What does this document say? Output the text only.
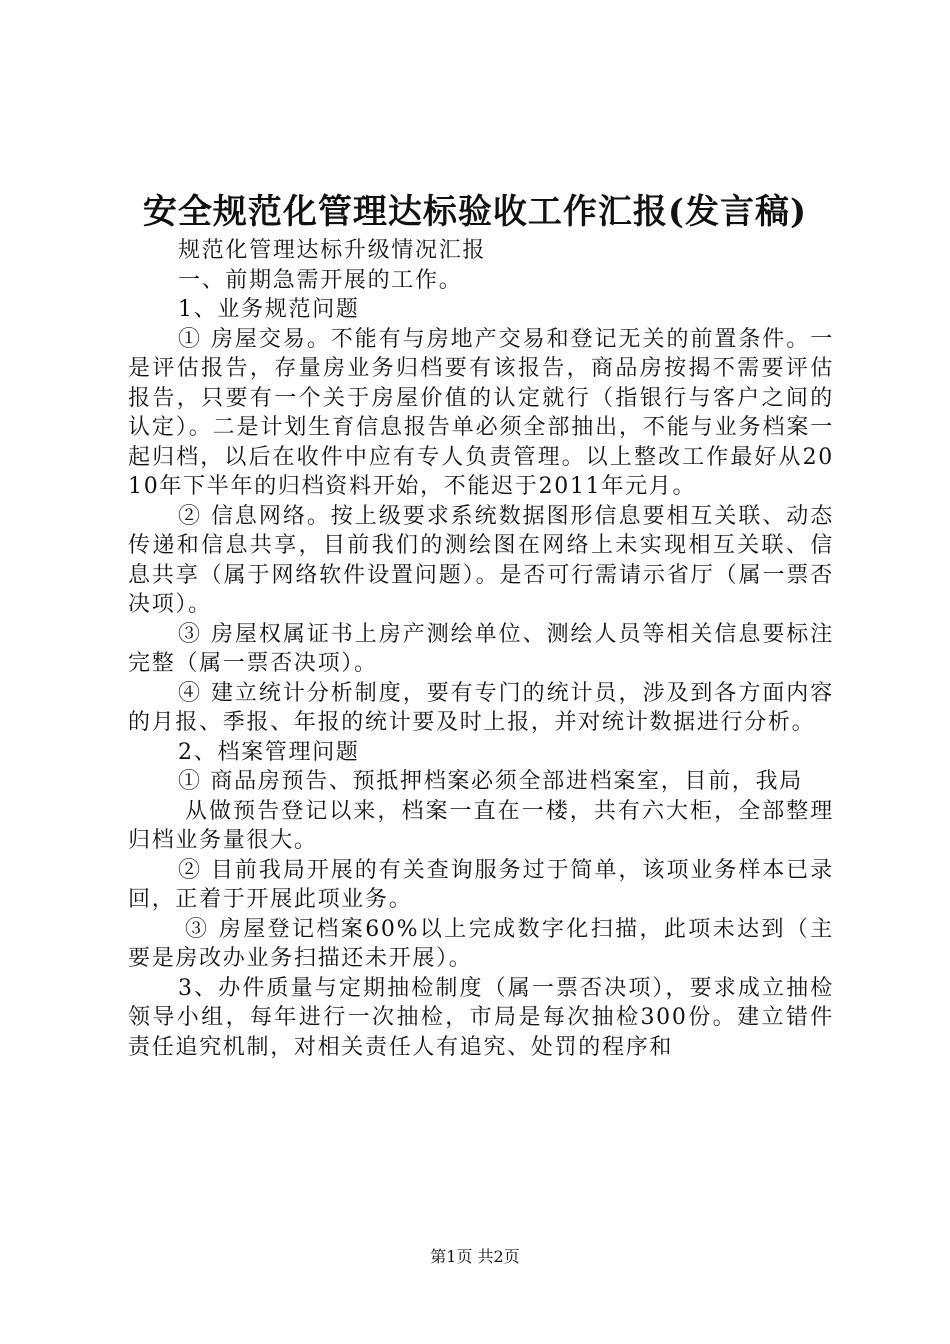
安全规范化管理达标验收工作汇报(发言稿)

规范化管理达标升级情况汇报

一、前期急需开展的工作。

1、业务规范问题

① 房屋交易。不能有与房地产交易和登记无关的前置条件。一是评估报告，存量房业务归档要有该报告，商品房按揭不需要评估报告，只要有一个关于房屋价值的认定就行（指银行与客户之间的认定）。二是计划生育信息报告单必须全部抽出，不能与业务档案一起归档，以后在收件中应有专人负责管理。以上整改工作最好从2010年下半年的归档资料开始，不能迟于2011年元月。

② 信息网络。按上级要求系统数据图形信息要相互关联、动态传递和信息共享，目前我们的测绘图在网络上未实现相互关联、信息共享（属于网络软件设置问题）。是否可行需请示省厅（属一票否决项）。

③ 房屋权属证书上房产测绘单位、测绘人员等相关信息要标注完整（属一票否决项）。

④ 建立统计分析制度，要有专门的统计员，涉及到各方面内容的月报、季报、年报的统计要及时上报，并对统计数据进行分析。

2、档案管理问题

① 商品房预告、预抵押档案必须全部进档案室，目前，我局

从做预告登记以来，档案一直在一楼，共有六大柜，全部整理归档业务量很大。

② 目前我局开展的有关查询服务过于简单，该项业务样本已录回，正着于开展此项业务。

③ 房屋登记档案60%以上完成数字化扫描，此项未达到（主要是房改办业务扫描还未开展）。

3、办件质量与定期抽检制度（属一票否决项），要求成立抽检领导小组，每年进行一次抽检，市局是每次抽检300份。建立错件责任追究机制，对相关责任人有追究、处罚的程序和

第1页 共2页
